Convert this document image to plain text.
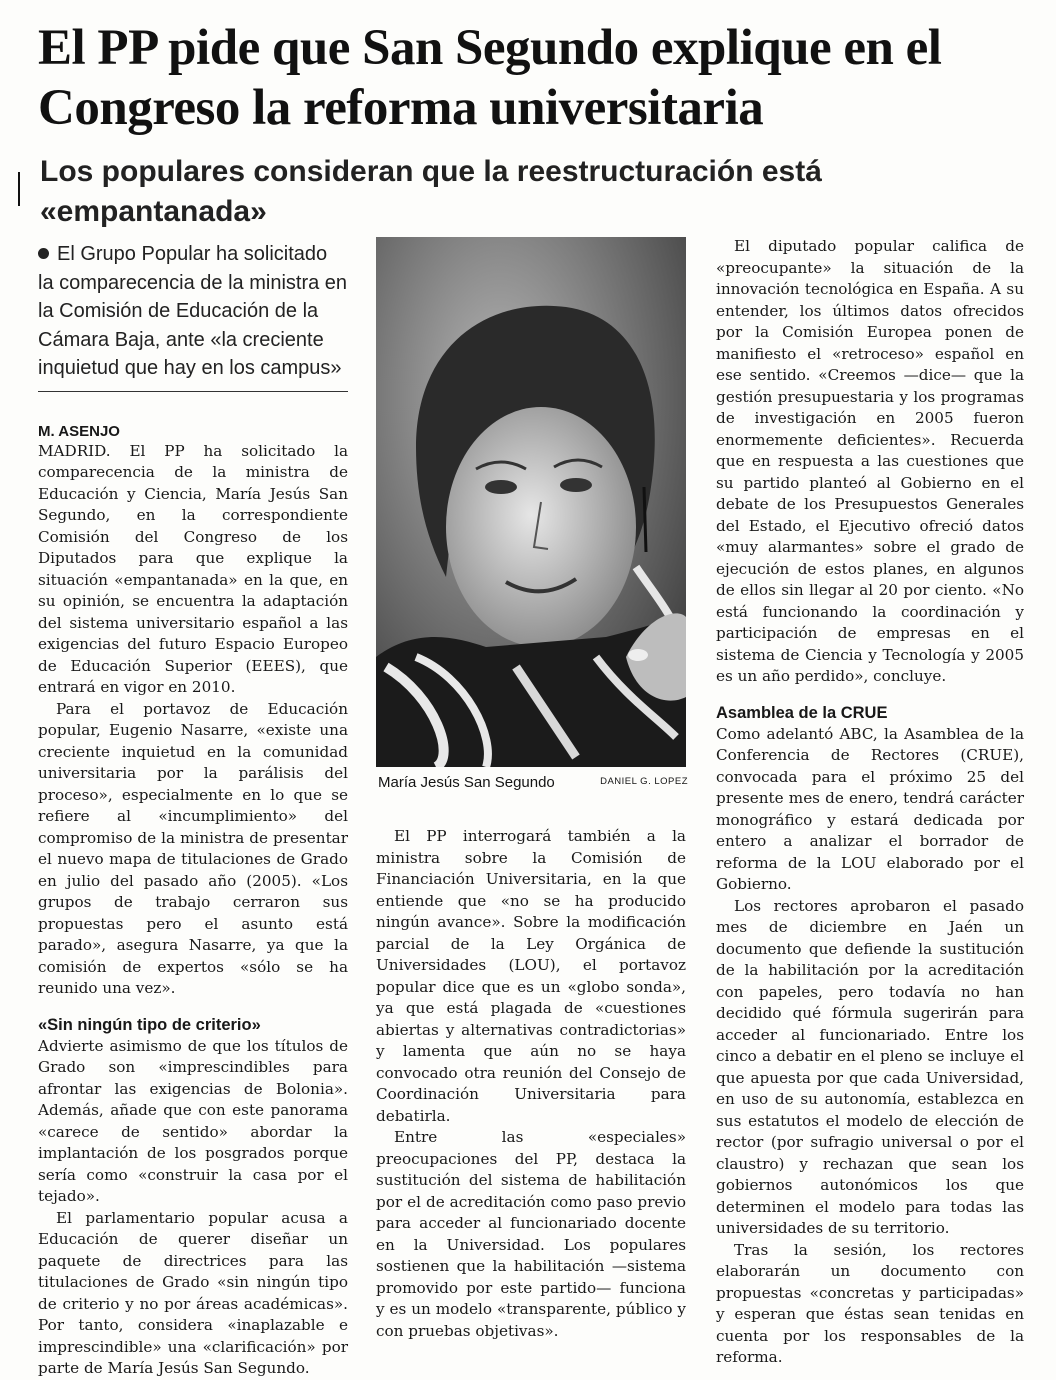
El PP pide que San Segundo explique en el Congreso la reforma universitaria
Los populares consideran que la reestructuración está «empantanada»

El Grupo Popular ha solicitado la comparecencia de la ministra en la Comisión de Educación de la Cámara Baja, ante «la creciente inquietud que hay en los campus»

M. ASENJO

MADRID. El PP ha solicitado la comparecencia de la ministra de Educación y Ciencia, María Jesús San Segundo, en la correspondiente Comisión del Congreso de los Diputados para que explique la situación «empantanada» en la que, en su opinión, se encuentra la adaptación del sistema universitario español a las exigencias del futuro Espacio Europeo de Educación Superior (EEES), que entrará en vigor en 2010.

Para el portavoz de Educación popular, Eugenio Nasarre, «existe una creciente inquietud en la comunidad universitaria por la parálisis del proceso», especialmente en lo que se refiere al «incumplimiento» del compromiso de la ministra de presentar el nuevo mapa de titulaciones de Grado en julio del pasado año (2005). «Los grupos de trabajo cerraron sus propuestas pero el asunto está parado», asegura Nasarre, ya que la comisión de expertos «sólo se ha reunido una vez».

«Sin ningún tipo de criterio»

Advierte asimismo de que los títulos de Grado son «imprescindibles para afrontar las exigencias de Bolonia». Además, añade que con este panorama «carece de sentido» abordar la implantación de los posgrados porque sería como «construir la casa por el tejado».

El parlamentario popular acusa a Educación de querer diseñar un paquete de directrices para las titulaciones de Grado «sin ningún tipo de criterio y no por áreas académicas». Por tanto, considera «inaplazable e imprescindible» una «clarificación» por parte de María Jesús San Segundo.

María Jesús San Segundo	DANIEL G. LOPEZ

El PP interrogará también a la ministra sobre la Comisión de Financiación Universitaria, en la que entiende que «no se ha producido ningún avance». Sobre la modificación parcial de la Ley Orgánica de Universidades (LOU), el portavoz popular dice que es un «globo sonda», ya que está plagada de «cuestiones abiertas y alternativas contradictorias» y lamenta que aún no se haya convocado otra reunión del Consejo de Coordinación Universitaria para debatirla.

Entre las «especiales» preocupaciones del PP, destaca la sustitución del sistema de habilitación por el de acreditación como paso previo para acceder al funcionariado docente en la Universidad. Los populares sostienen que la habilitación —sistema promovido por este partido— funciona y es un modelo «transparente, público y con pruebas objetivas».

El diputado popular califica de «preocupante» la situación de la innovación tecnológica en España. A su entender, los últimos datos ofrecidos por la Comisión Europea ponen de manifiesto el «retroceso» español en ese sentido. «Creemos —dice— que la gestión presupuestaria y los programas de investigación en 2005 fueron enormemente deficientes». Recuerda que en respuesta a las cuestiones que su partido planteó al Gobierno en el debate de los Presupuestos Generales del Estado, el Ejecutivo ofreció datos «muy alarmantes» sobre el grado de ejecución de estos planes, en algunos de ellos sin llegar al 20 por ciento. «No está funcionando la coordinación y participación de empresas en el sistema de Ciencia y Tecnología y 2005 es un año perdido», concluye.

Asamblea de la CRUE

Como adelantó ABC, la Asamblea de la Conferencia de Rectores (CRUE), convocada para el próximo 25 del presente mes de enero, tendrá carácter monográfico y estará dedicada por entero a analizar el borrador de reforma de la LOU elaborado por el Gobierno.

Los rectores aprobaron el pasado mes de diciembre en Jaén un documento que defiende la sustitución de la habilitación por la acreditación con papeles, pero todavía no han decidido qué fórmula sugerirán para acceder al funcionariado. Entre los cinco a debatir en el pleno se incluye el que apuesta por que cada Universidad, en uso de su autonomía, establezca en sus estatutos el modelo de elección de rector (por sufragio universal o por el claustro) y rechazan que sean los gobiernos autonómicos los que determinen el modelo para todas las universidades de su territorio.

Tras la sesión, los rectores elaborarán un documento con propuestas «concretas y participadas» y esperan que éstas sean tenidas en cuenta por los responsables de la reforma.
